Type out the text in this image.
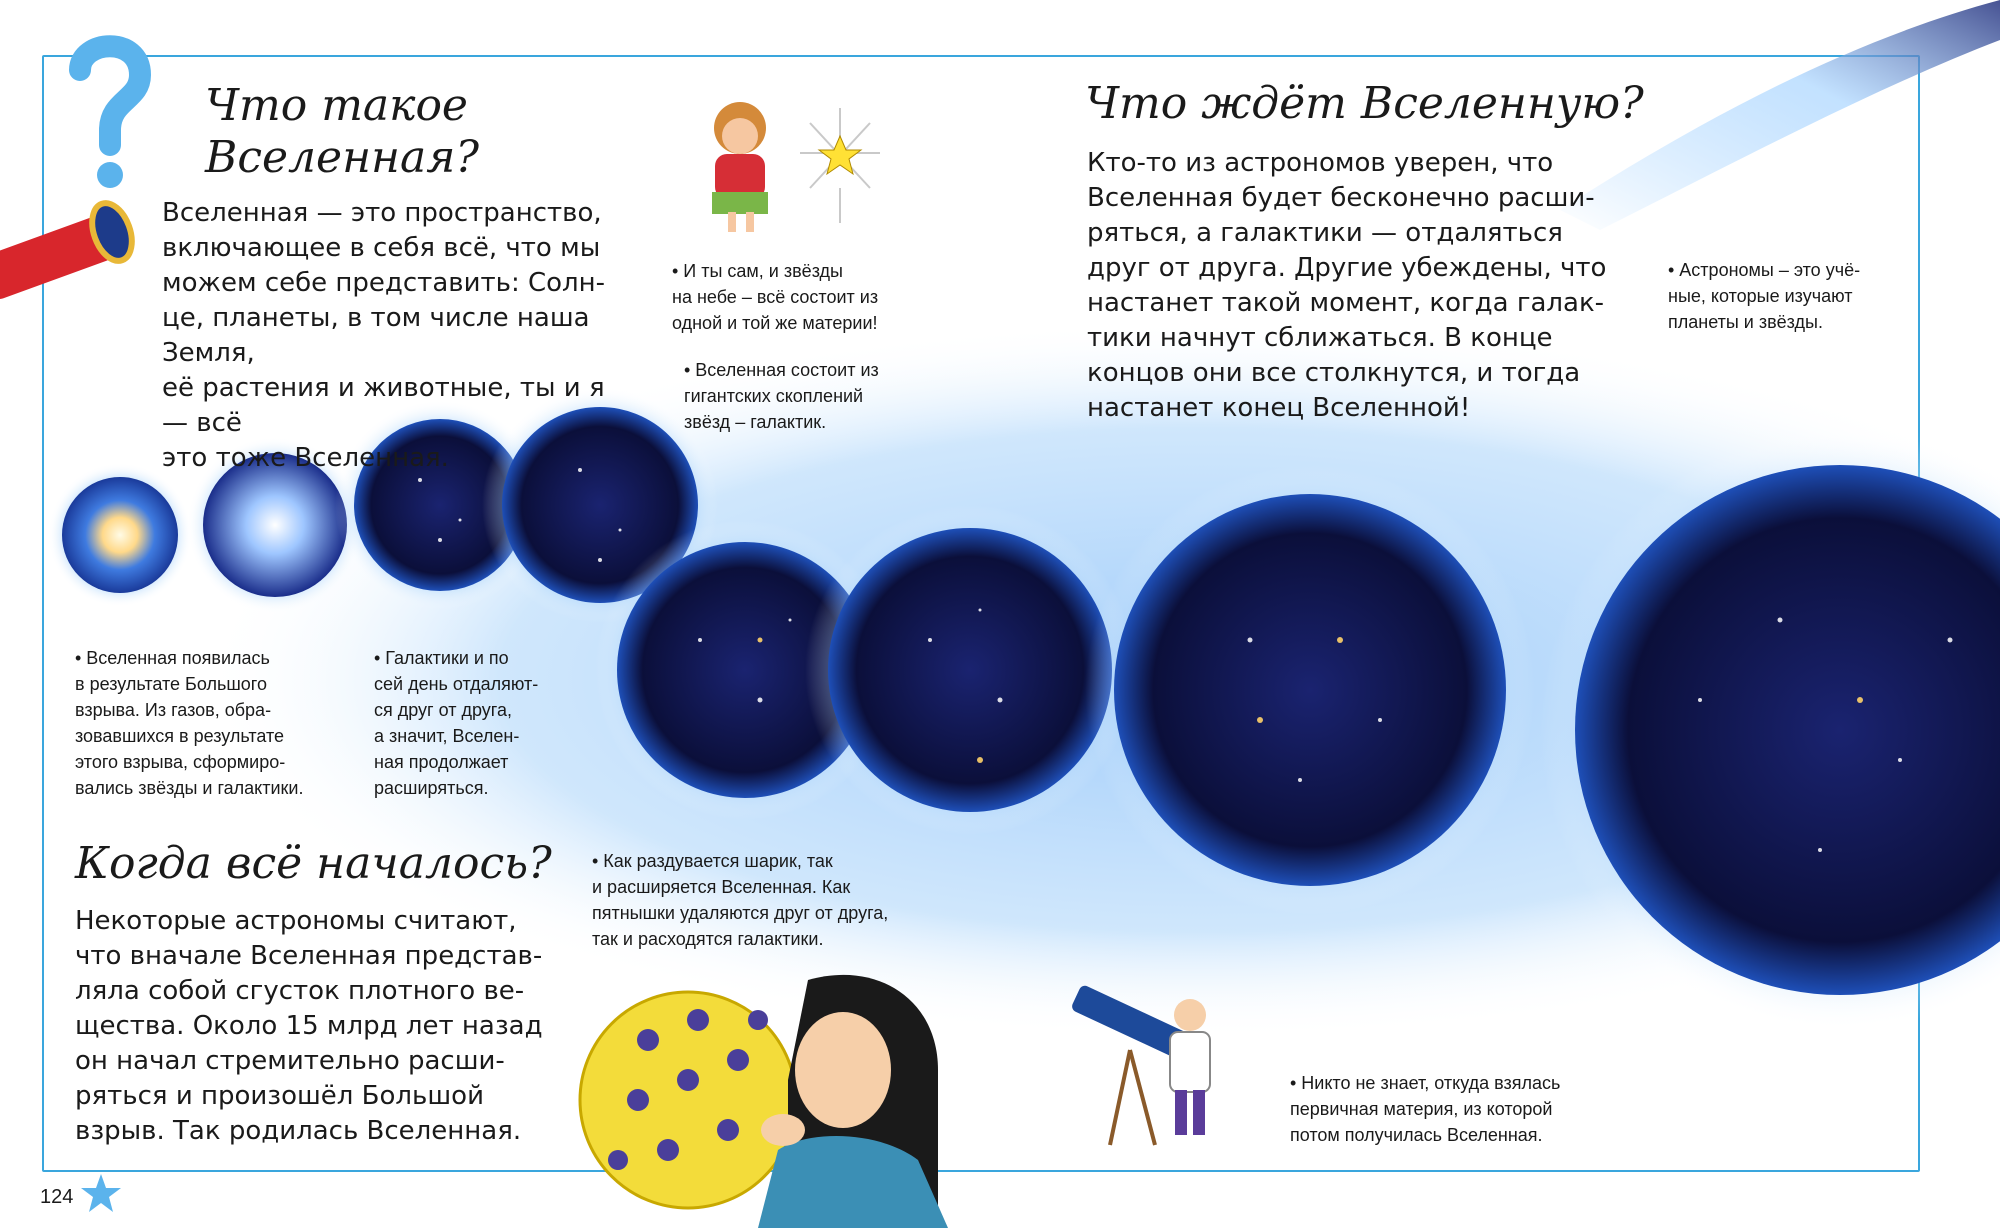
Что такое
Вселенная?

Вселенная — это пространство,
включающее в себя всё, что мы
можем себе представить: Солн-
це, планеты, в том числе наша Земля,
её растения и животные, ты и я — всё
это тоже Вселенная.

• И ты сам, и звёзды
на небе – всё состоит из
одной и той же материи!

• Вселенная состоит из
гигантских скоплений
звёзд – галактик.

Что ждёт Вселенную?

Кто-то из астрономов уверен, что
Вселенная будет бесконечно расши-
ряться, а галактики — отдаляться
друг от друга. Другие убеждены, что
настанет такой момент, когда галак-
тики начнут сближаться. В конце
концов они все столкнутся, и тогда
настанет конец Вселенной!

• Астрономы – это учё-
ные, которые изучают
планеты и звёзды.

• Вселенная появилась
в результате Большого
взрыва. Из газов, обра-
зовавшихся в результате
этого взрыва, сформиро-
вались звёзды и галактики.

• Галактики и по
сей день отдаляют-
ся друг от друга,
а значит, Вселен-
ная продолжает
расширяться.

Когда всё началось?

Некоторые астрономы считают,
что вначале Вселенная представ-
ляла собой сгусток плотного ве-
щества. Около 15 млрд лет назад
он начал стремительно расши-
ряться и произошёл Большой
взрыв. Так родилась Вселенная.

• Как раздувается шарик, так
и расширяется Вселенная. Как
пятнышки удаляются друг от друга,
так и расходятся галактики.

• Никто не знает, откуда взялась
первичная материя, из которой
потом получилась Вселенная.

124
